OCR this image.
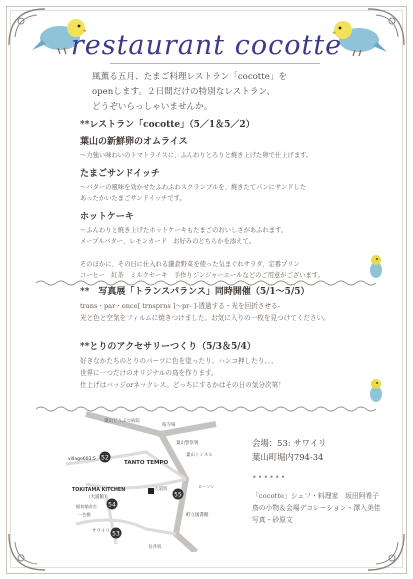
restaurant cocotte
風薫る五月、たまご料理レストラン「cocotte」を
openします。２日間だけの特別なレストラン、
どうぞいらっしゃいませんか。
**レストラン「cocotte」（5／1＆5／2）
葉山の新鮮卵のオムライス
〜力強い味わいのトマトライスに、ふんわりとろりと焼き上げた卵で仕上げます。
たまごサンドイッチ
〜バターの風味を効かせたふわふわスクランブルを、焼きたてパンにサンドした
あったかいたまごサンドイッチです。
ホットケーキ
〜ふんわりと焼き上げたホットケーキもたまごのおいしさがあふれます。
メープルバター、レモンカード　お好みのどちらかを添えて。
そのほかに、その日に仕入れる鎌倉野菜を使った気まぐれサラダ、定番プリン
コーヒー　紅茶　ミルクセーキ　手作りジンジャーエールなどのご用意がございます。
**　写真展「トランスパランス」同時開催（5/1〜5/5）
trans・par・ence[ trnsprns ]〜pr- ]-透過する・光を回折させる-
光と色と空気をフィルムに焼きつけました。お気に入りの一枚を見つけてください。
**とりのアクセサリーつくり（5/3＆5/4）
好きなかたちのとりのパーツに色を塗ったり、ハンコ押したり、、、
世界に一つだけのオリジナルの鳥を作ります。
仕上げはバッジorネックレス。どっちにするかはその日の気分次第！
葉山どうぶつ病院
桜寺場
葉山警察署
葉山トンネル
TANTO TEMPO
village603.5
TOKITAMA KITCHEN
（大道館）
稲荷稲荷会
サワイリ
大道坂
町立図書館
長井坂
一色橋
ローソン
52
54
55
53
会場：53: サワイリ
葉山町堀内794-34
••••••
「cocotte」シェフ・料理家　坂田阿希子
鳥の小物＆会場デコレーション・澤入美佳
写真・砂原文
